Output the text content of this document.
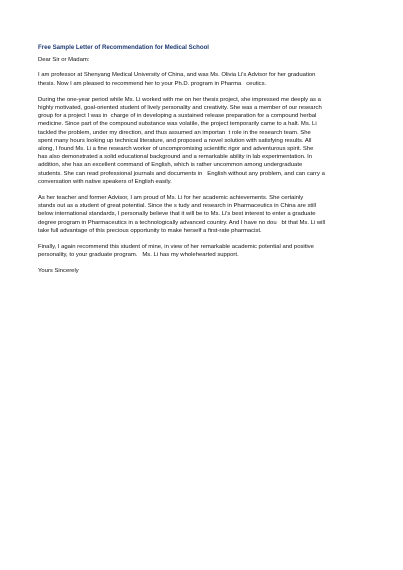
Free Sample Letter of Recommendation for Medical School
Dear Sir or Madam:
I am professor at Shenyang Medical University of China, and was Ms. Olivia Li's Advisor for her graduation
thesis. Now I am pleased to recommend her to your Ph.D. program in Pharma   ceutics.
During the one-year period while Ms. Li worked with me on her thesis project, she impressed me deeply as a
highly motivated, goal-oriented student of lively personality and creativity. She was a member of our research
group for a project I was in  charge of in developing a sustained release preparation for a compound herbal
medicine. Since part of the compound substance was volatile, the project temporarily came to a halt. Ms. Li
tackled the problem, under my direction, and thus assumed an importan  t role in the research team. She
spent many hours looking up technical literature, and proposed a novel solution with satisfying results. All
along, I found Ms. Li a fine research worker of uncompromising scientific rigor and adventurous spirit. She
has also demonstrated a solid educational background and a remarkable ability in lab experimentation. In
addition, she has an excellent command of English, which is rather uncommon among undergraduate
students. She can read professional journals and documents in   English without any problem, and can carry a
conversation with native speakers of English easily.
As her teacher and former Advisor, I am proud of Ms. Li for her academic achievements. She certainly
stands out as a student of great potential. Since the s tudy and research in Pharmaceutics in China are still
below international standards, I personally believe that it will be to Ms. Li's best interest to enter a graduate
degree program in Pharmaceutics in a technologically advanced country. And I have no dou   bt that Ms. Li will
take full advantage of this precious opportunity to make herself a first-rate pharmacist.
Finally, I again recommend this student of mine, in view of her remarkable academic potential and positive
personality, to your graduate program.   Ms. Li has my wholehearted support.
Yours Sincerely
